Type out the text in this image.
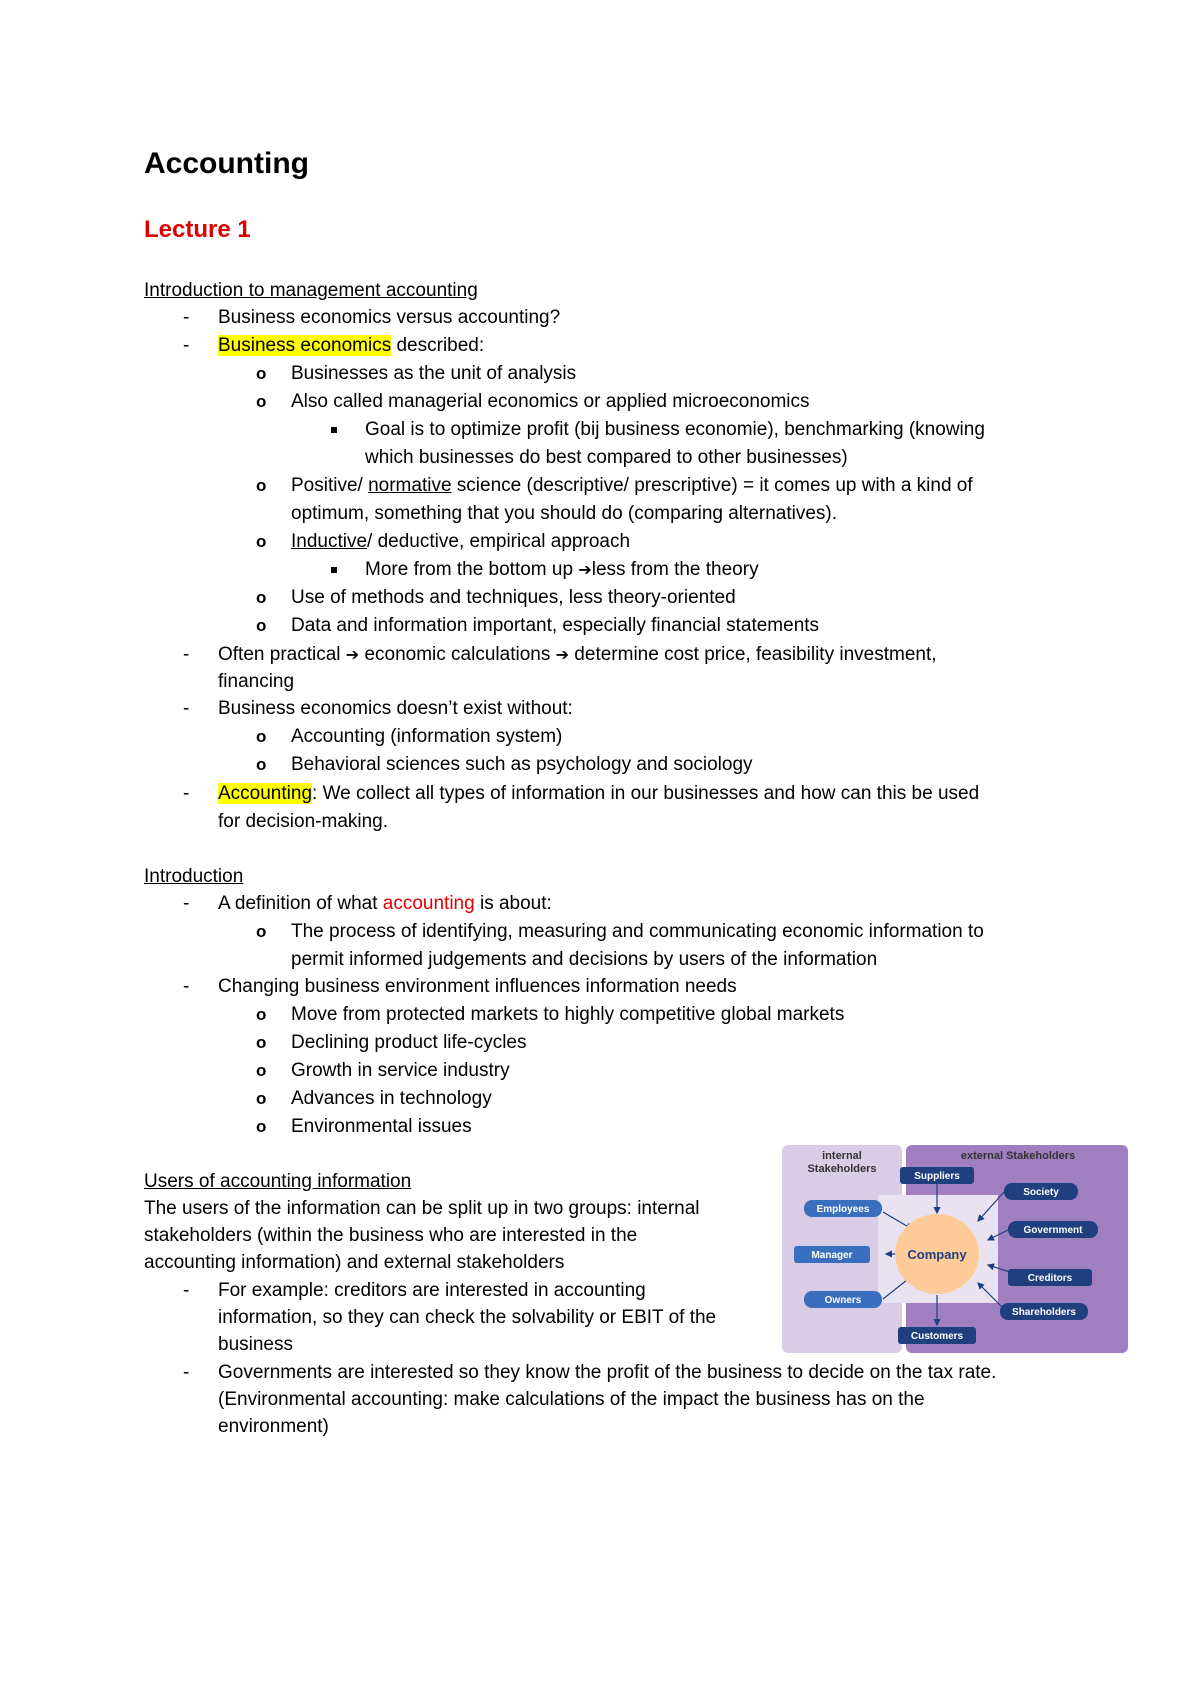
Accounting
Lecture 1
Introduction to management accounting
- Business economics versus accounting?
- Business economics described:
o Businesses as the unit of analysis
o Also called managerial economics or applied microeconomics
Goal is to optimize profit (bij business economie), benchmarking (knowing
which businesses do best compared to other businesses)
o Positive/ normative science (descriptive/ prescriptive) = it comes up with a kind of
optimum, something that you should do (comparing alternatives).
o Inductive/ deductive, empirical approach
More from the bottom up ➔less from the theory
o Use of methods and techniques, less theory-oriented
o Data and information important, especially financial statements
- Often practical ➔ economic calculations ➔ determine cost price, feasibility investment,
financing
- Business economics doesn’t exist without:
o Accounting (information system)
o Behavioral sciences such as psychology and sociology
- Accounting: We collect all types of information in our businesses and how can this be used
for decision-making.
Introduction
- A definition of what accounting is about:
o The process of identifying, measuring and communicating economic information to
permit informed judgements and decisions by users of the information
- Changing business environment influences information needs
o Move from protected markets to highly competitive global markets
o Declining product life-cycles
o Growth in service industry
o Advances in technology
o Environmental issues
Users of accounting information
The users of the information can be split up in two groups: internal
stakeholders (within the business who are interested in the
accounting information) and external stakeholders
- For example: creditors are interested in accounting
information, so they can check the solvability or EBIT of the
business
- Governments are interested so they know the profit of the business to decide on the tax rate.
(Environmental accounting: make calculations of the impact the business has on the
environment)
internal
Stakeholders
external Stakeholders
Company
Employees
Manager
Owners
Suppliers
Society
Government
Creditors
Shareholders
Customers
